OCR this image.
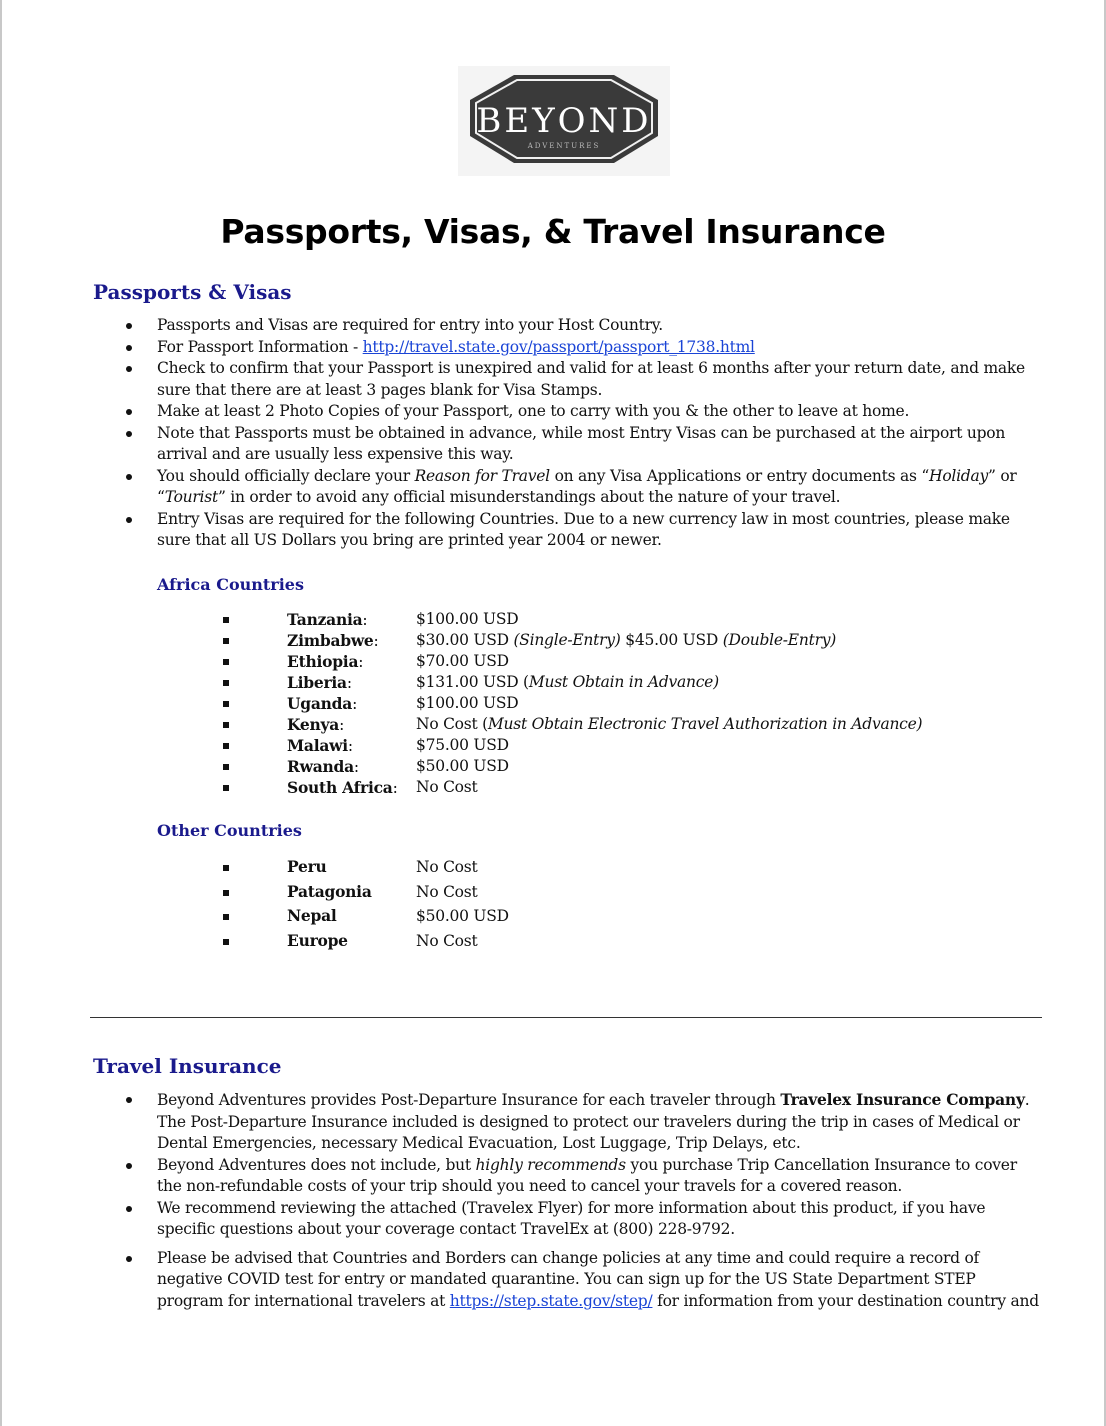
BEYOND
ADVENTURES
Passports, Visas, & Travel Insurance
Passports & Visas
Passports and Visas are required for entry into your Host Country.
For Passport Information - http://travel.state.gov/passport/passport_1738.html
Check to confirm that your Passport is unexpired and valid for at least 6 months after your return date, and make sure that there are at least 3 pages blank for Visa Stamps.
Make at least 2 Photo Copies of your Passport, one to carry with you & the other to leave at home.
Note that Passports must be obtained in advance, while most Entry Visas can be purchased at the airport upon arrival and are usually less expensive this way.
You should officially declare your Reason for Travel on any Visa Applications or entry documents as “Holiday” or “Tourist” in order to avoid any official misunderstandings about the nature of your travel.
Entry Visas are required for the following Countries. Due to a new currency law in most countries, please make sure that all US Dollars you bring are printed year 2004 or newer.
Africa Countries
Tanzania:	$100.00 USD
Zimbabwe: $30.00 USD (Single-Entry) $45.00 USD (Double-Entry)
Ethiopia:	$70.00 USD
Liberia:	$131.00 USD (Must Obtain in Advance)
Uganda:	$100.00 USD
Kenya:	No Cost (Must Obtain Electronic Travel Authorization in Advance)
Malawi:	$75.00 USD
Rwanda:	$50.00 USD
South Africa: No Cost
Other Countries
Peru	No Cost
Patagonia	No Cost
Nepal	$50.00 USD
Europe	No Cost
Travel Insurance
Beyond Adventures provides Post-Departure Insurance for each traveler through Travelex Insurance Company. The Post-Departure Insurance included is designed to protect our travelers during the trip in cases of Medical or Dental Emergencies, necessary Medical Evacuation, Lost Luggage, Trip Delays, etc.
Beyond Adventures does not include, but highly recommends you purchase Trip Cancellation Insurance to cover the non-refundable costs of your trip should you need to cancel your travels for a covered reason.
We recommend reviewing the attached (Travelex Flyer) for more information about this product, if you have specific questions about your coverage contact TravelEx at (800) 228-9792.
Please be advised that Countries and Borders can change policies at any time and could require a record of negative COVID test for entry or mandated quarantine. You can sign up for the US State Department STEP program for international travelers at https://step.state.gov/step/ for information from your destination country and
